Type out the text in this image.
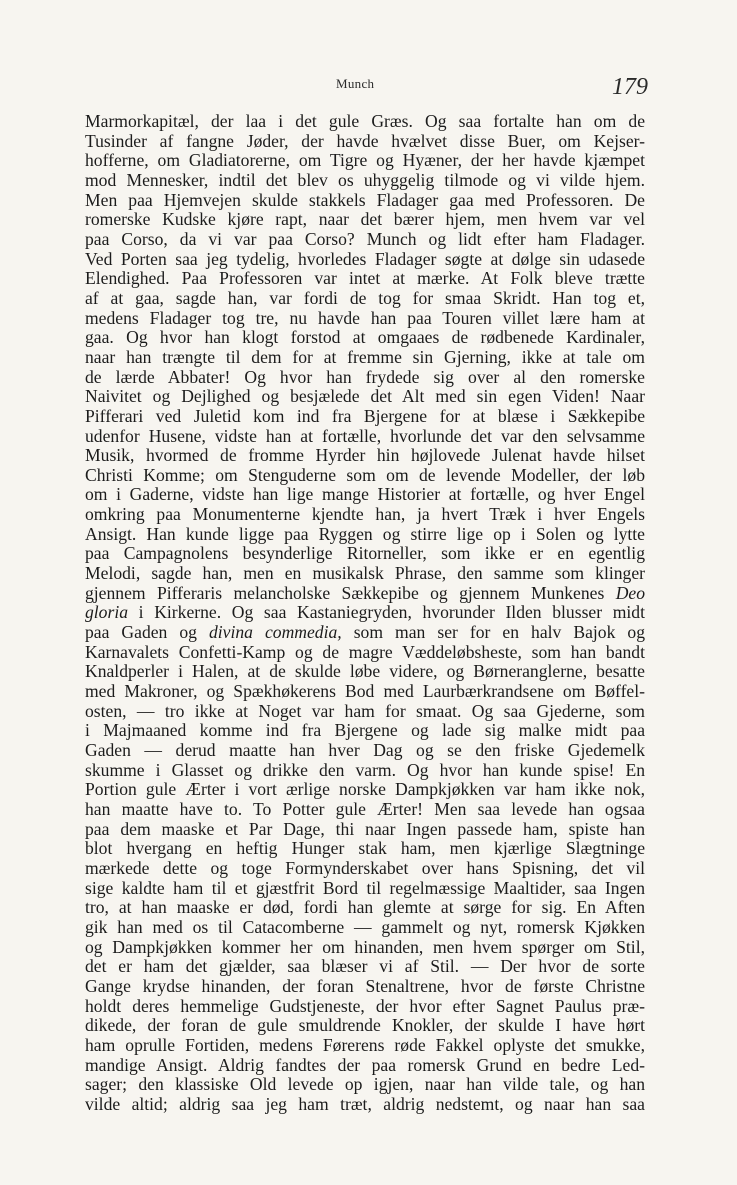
Munch	179
Marmorkapitæl, der laa i det gule Græs. Og saa fortalte han om de
Tusinder af fangne Jøder, der havde hvælvet disse Buer, om Kejser-
hofferne, om Gladiatorerne, om Tigre og Hyæner, der her havde kjæmpet
mod Mennesker, indtil det blev os uhyggelig tilmode og vi vilde hjem.
Men paa Hjemvejen skulde stakkels Fladager gaa med Professoren. De
romerske Kudske kjøre rapt, naar det bærer hjem, men hvem var vel
paa Corso, da vi var paa Corso? Munch og lidt efter ham Fladager.
Ved Porten saa jeg tydelig, hvorledes Fladager søgte at dølge sin udasede
Elendighed. Paa Professoren var intet at mærke. At Folk bleve trætte
af at gaa, sagde han, var fordi de tog for smaa Skridt. Han tog et,
medens Fladager tog tre, nu havde han paa Touren villet lære ham at
gaa. Og hvor han klogt forstod at omgaaes de rødbenede Kardinaler,
naar han trængte til dem for at fremme sin Gjerning, ikke at tale om
de lærde Abbater! Og hvor han frydede sig over al den romerske
Naivitet og Dejlighed og besjælede det Alt med sin egen Viden! Naar
Pifferari ved Juletid kom ind fra Bjergene for at blæse i Sækkepibe
udenfor Husene, vidste han at fortælle, hvorlunde det var den selvsamme
Musik, hvormed de fromme Hyrder hin højlovede Julenat havde hilset
Christi Komme; om Stenguderne som om de levende Modeller, der løb
om i Gaderne, vidste han lige mange Historier at fortælle, og hver Engel
omkring paa Monumenterne kjendte han, ja hvert Træk i hver Engels
Ansigt. Han kunde ligge paa Ryggen og stirre lige op i Solen og lytte
paa Campagnolens besynderlige Ritorneller, som ikke er en egentlig
Melodi, sagde han, men en musikalsk Phrase, den samme som klinger
gjennem Pifferaris melancholske Sækkepibe og gjennem Munkenes Deo
gloria i Kirkerne. Og saa Kastaniegryden, hvorunder Ilden blusser midt
paa Gaden og divina commedia, som man ser for en halv Bajok og
Karnavalets Confetti-Kamp og de magre Væddeløbsheste, som han bandt
Knaldperler i Halen, at de skulde løbe videre, og Børneranglerne, besatte
med Makroner, og Spækhøkerens Bod med Laurbærkrandsene om Bøffel-
osten, — tro ikke at Noget var ham for smaat. Og saa Gjederne, som
i Majmaaned komme ind fra Bjergene og lade sig malke midt paa
Gaden — derud maatte han hver Dag og se den friske Gjedemelk
skumme i Glasset og drikke den varm. Og hvor han kunde spise! En
Portion gule Ærter i vort ærlige norske Dampkjøkken var ham ikke nok,
han maatte have to. To Potter gule Ærter! Men saa levede han ogsaa
paa dem maaske et Par Dage, thi naar Ingen passede ham, spiste han
blot hvergang en heftig Hunger stak ham, men kjærlige Slægtninge
mærkede dette og toge Formynderskabet over hans Spisning, det vil
sige kaldte ham til et gjæstfrit Bord til regelmæssige Maaltider, saa Ingen
tro, at han maaske er død, fordi han glemte at sørge for sig. En Aften
gik han med os til Catacomberne — gammelt og nyt, romersk Kjøkken
og Dampkjøkken kommer her om hinanden, men hvem spørger om Stil,
det er ham det gjælder, saa blæser vi af Stil. — Der hvor de sorte
Gange krydse hinanden, der foran Stenaltrene, hvor de første Christne
holdt deres hemmelige Gudstjeneste, der hvor efter Sagnet Paulus præ-
dikede, der foran de gule smuldrende Knokler, der skulde I have hørt
ham oprulle Fortiden, medens Førerens røde Fakkel oplyste det smukke,
mandige Ansigt. Aldrig fandtes der paa romersk Grund en bedre Led-
sager; den klassiske Old levede op igjen, naar han vilde tale, og han
vilde altid; aldrig saa jeg ham træt, aldrig nedstemt, og naar han saa
